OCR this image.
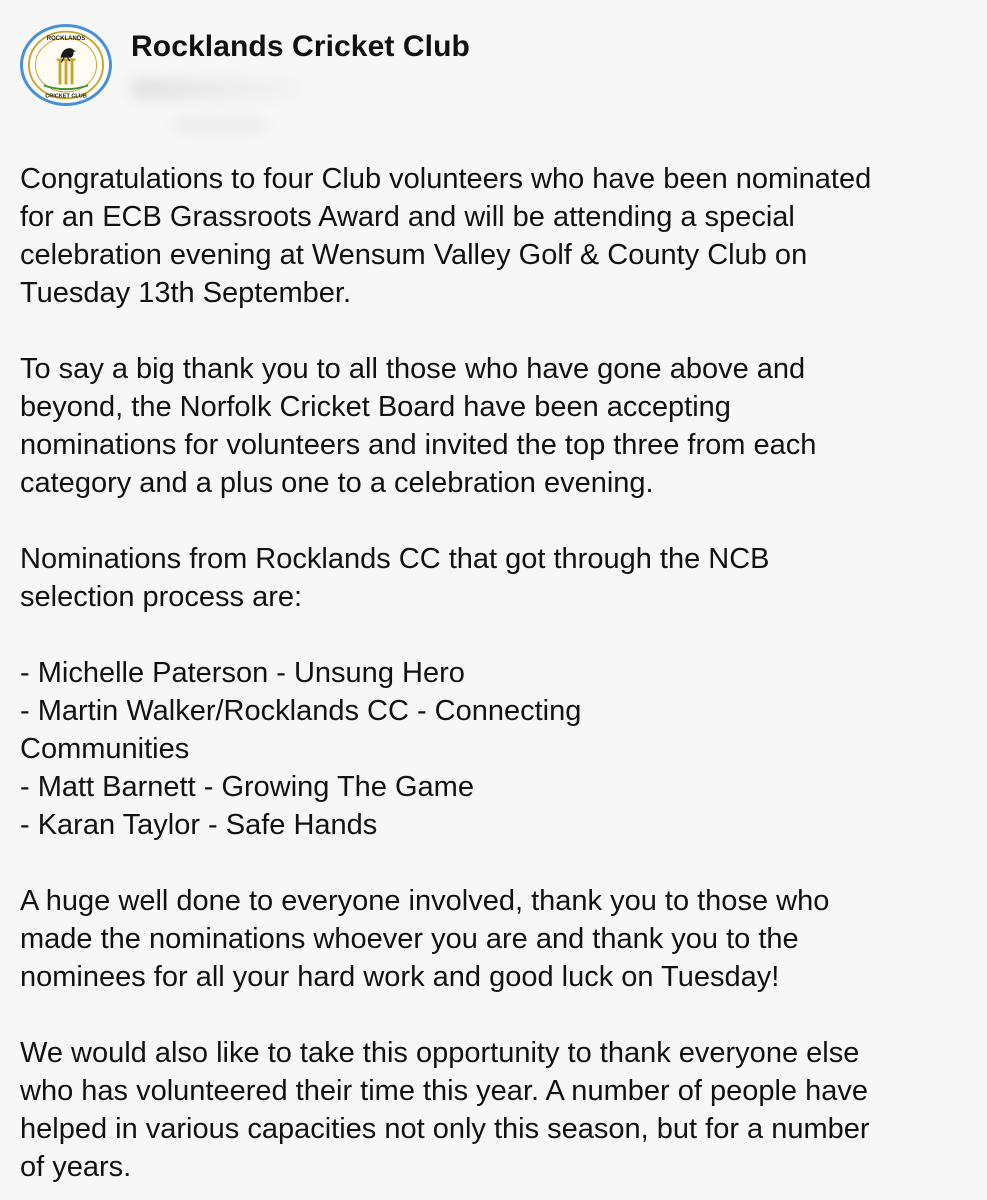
ROCKLANDS
CRICKET CLUB
Rocklands Cricket Club

Congratulations to four Club volunteers who have been nominated
for an ECB Grassroots Award and will be attending a special
celebration evening at Wensum Valley Golf & County Club on
Tuesday 13th September.

To say a big thank you to all those who have gone above and
beyond, the Norfolk Cricket Board have been accepting
nominations for volunteers and invited the top three from each
category and a plus one to a celebration evening.

Nominations from Rocklands CC that got through the NCB
selection process are:

- Michelle Paterson - Unsung Hero

- Martin Walker/Rocklands CC - Connecting
Communities

- Matt Barnett - Growing The Game

- Karan Taylor - Safe Hands

A huge well done to everyone involved, thank you to those who
made the nominations whoever you are and thank you to the
nominees for all your hard work and good luck on Tuesday!

We would also like to take this opportunity to thank everyone else
who has volunteered their time this year. A number of people have
helped in various capacities not only this season, but for a number
of years.
